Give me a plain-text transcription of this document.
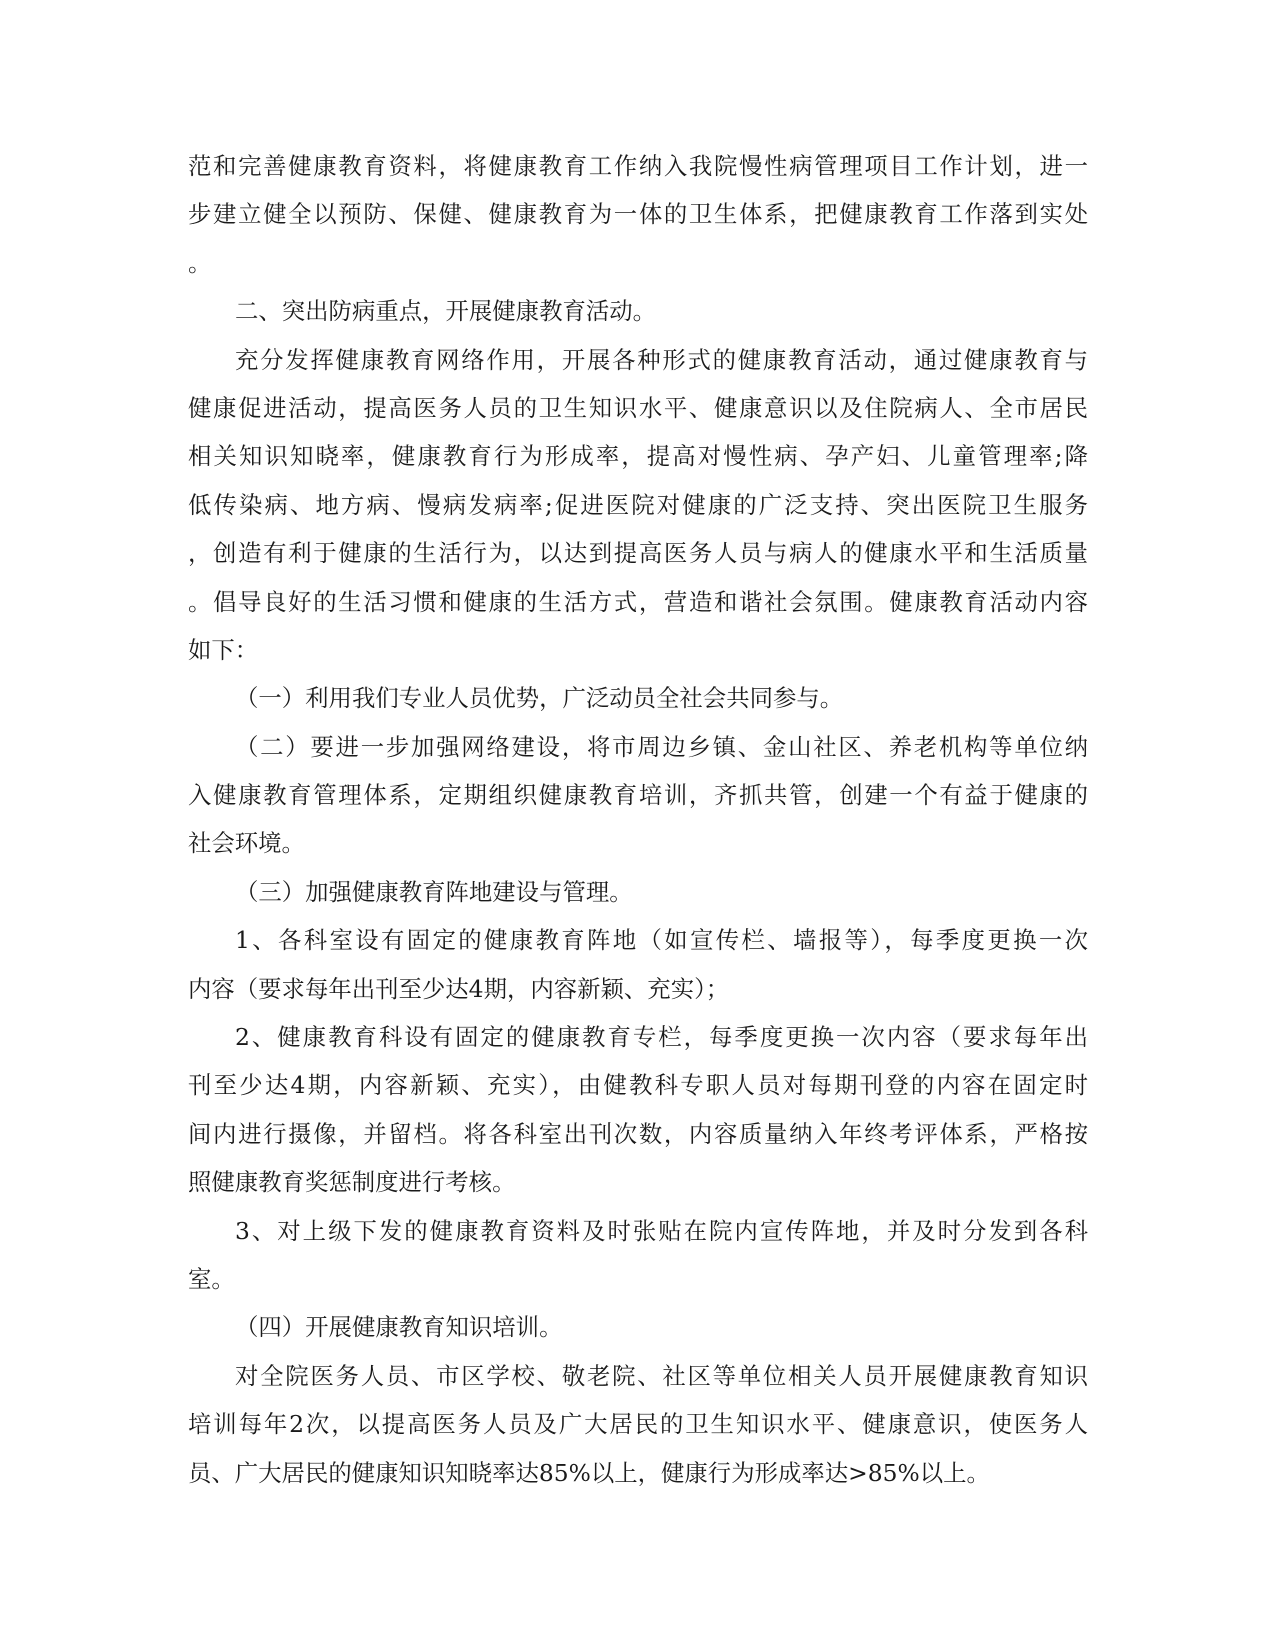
范和完善健康教育资料，将健康教育工作纳入我院慢性病管理项目工作计划，进一
步建立健全以预防、保健、健康教育为一体的卫生体系，把健康教育工作落到实处
。
二、突出防病重点，开展健康教育活动。
充分发挥健康教育网络作用，开展各种形式的健康教育活动，通过健康教育与
健康促进活动，提高医务人员的卫生知识水平、健康意识以及住院病人、全市居民
相关知识知晓率，健康教育行为形成率，提高对慢性病、孕产妇、儿童管理率;降
低传染病、地方病、慢病发病率;促进医院对健康的广泛支持、突出医院卫生服务
，创造有利于健康的生活行为，以达到提高医务人员与病人的健康水平和生活质量
。倡导良好的生活习惯和健康的生活方式，营造和谐社会氛围。健康教育活动内容
如下：
（一）利用我们专业人员优势，广泛动员全社会共同参与。
（二）要进一步加强网络建设，将市周边乡镇、金山社区、养老机构等单位纳
入健康教育管理体系，定期组织健康教育培训，齐抓共管，创建一个有益于健康的
社会环境。
（三）加强健康教育阵地建设与管理。
1、各科室设有固定的健康教育阵地（如宣传栏、墙报等），每季度更换一次
内容（要求每年出刊至少达4期，内容新颖、充实）；
2、健康教育科设有固定的健康教育专栏，每季度更换一次内容（要求每年出
刊至少达4期，内容新颖、充实），由健教科专职人员对每期刊登的内容在固定时
间内进行摄像，并留档。将各科室出刊次数，内容质量纳入年终考评体系，严格按
照健康教育奖惩制度进行考核。
3、对上级下发的健康教育资料及时张贴在院内宣传阵地，并及时分发到各科
室。
（四）开展健康教育知识培训。
对全院医务人员、市区学校、敬老院、社区等单位相关人员开展健康教育知识
培训每年2次，以提高医务人员及广大居民的卫生知识水平、健康意识，使医务人
员、广大居民的健康知识知晓率达85%以上，健康行为形成率达>85%以上。
